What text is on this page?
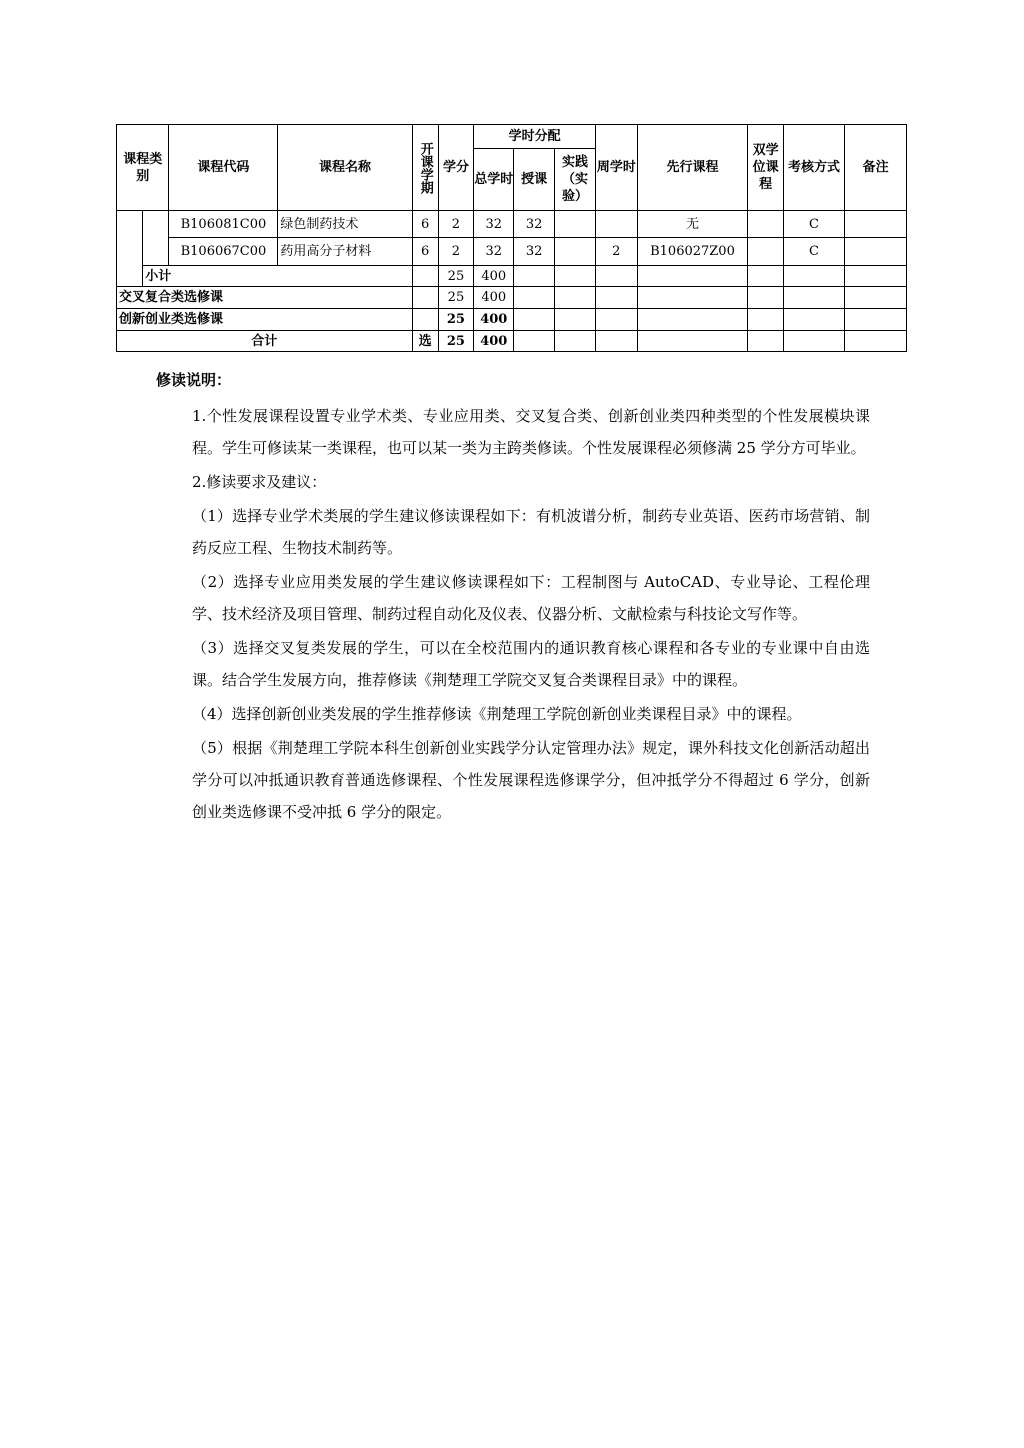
课程类别		课程代码	课程名称	开课学期	学分	学时分配			周学时	先行课程	双学位课程	考核方式	备注
						总学时	授课	实践（实验）					
		B106081C00	绿色制药技术	6	2	32	32			无		C	
		B106067C00	药用高分子材料	6	2	32	32		2	B106027Z00		C	
	小计				25	400							
交叉复合类选修课					25	400							
创新创业类选修课					25	400							
合计				选	25	400							
修读说明：

1.个性发展课程设置专业学术类、专业应用类、交叉复合类、创新创业类四种类型的个性发展模块课程。学生可修读某一类课程，也可以某一类为主跨类修读。个性发展课程必须修满 25 学分方可毕业。

2.修读要求及建议：

（1）选择专业学术类展的学生建议修读课程如下：有机波谱分析，制药专业英语、医药市场营销、制药反应工程、生物技术制药等。

（2）选择专业应用类发展的学生建议修读课程如下：工程制图与 AutoCAD、专业导论、工程伦理学、技术经济及项目管理、制药过程自动化及仪表、仪器分析、文献检索与科技论文写作等。

（3）选择交叉复类发展的学生，可以在全校范围内的通识教育核心课程和各专业的专业课中自由选课。结合学生发展方向，推荐修读《荆楚理工学院交叉复合类课程目录》中的课程。

（4）选择创新创业类发展的学生推荐修读《荆楚理工学院创新创业类课程目录》中的课程。

（5）根据《荆楚理工学院本科生创新创业实践学分认定管理办法》规定，课外科技文化创新活动超出学分可以冲抵通识教育普通选修课程、个性发展课程选修课学分，但冲抵学分不得超过 6 学分，创新创业类选修课不受冲抵 6 学分的限定。
